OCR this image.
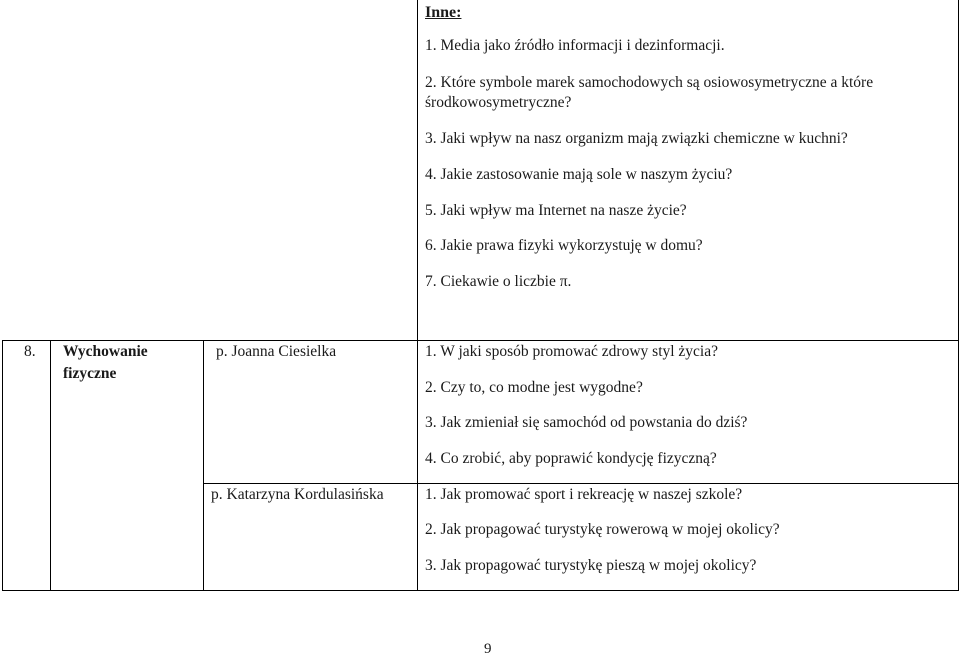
Inne:
1. Media jako źródło informacji i dezinformacji.
2. Które symbole marek samochodowych są osiowosymetryczne a które
środkowosymetryczne?
3. Jaki wpływ na nasz organizm mają związki chemiczne w kuchni?
4. Jakie zastosowanie mają sole w naszym życiu?
5. Jaki wpływ ma Internet na nasze życie?
6. Jakie prawa fizyki wykorzystuję w domu?
7. Ciekawie o liczbie π.
8. Wychowanie
fizyczne
p. Joanna Ciesielka	1. W jaki sposób promować zdrowy styl życia?
2. Czy to, co modne jest wygodne?
3. Jak zmieniał się samochód od powstania do dziś?
4. Co zrobić, aby poprawić kondycję fizyczną?
p. Katarzyna Kordulasińska	1. Jak promować sport i rekreację w naszej szkole?
2. Jak propagować turystykę rowerową w mojej okolicy?
3. Jak propagować turystykę pieszą w mojej okolicy?
9
